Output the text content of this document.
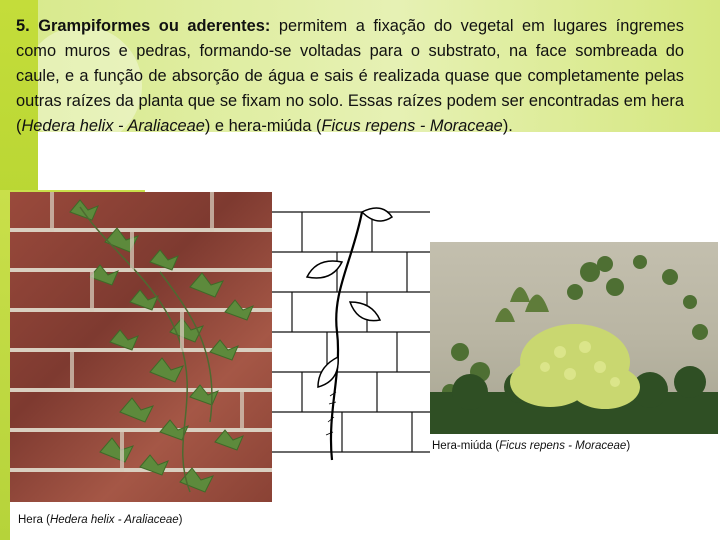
5. Grampiformes ou aderentes: permitem a fixação do vegetal em lugares íngremes como muros e pedras, formando-se voltadas para o substrato, na face sombreada do caule, e a função de absorção de água e sais é realizada quase que completamente pelas outras raízes da planta que se fixam no solo. Essas raízes podem ser encontradas em hera (Hedera helix - Araliaceae) e hera-miúda (Ficus repens - Moraceae).
Hera-miúda (Ficus repens - Moraceae)
Hera (Hedera helix - Araliaceae)
